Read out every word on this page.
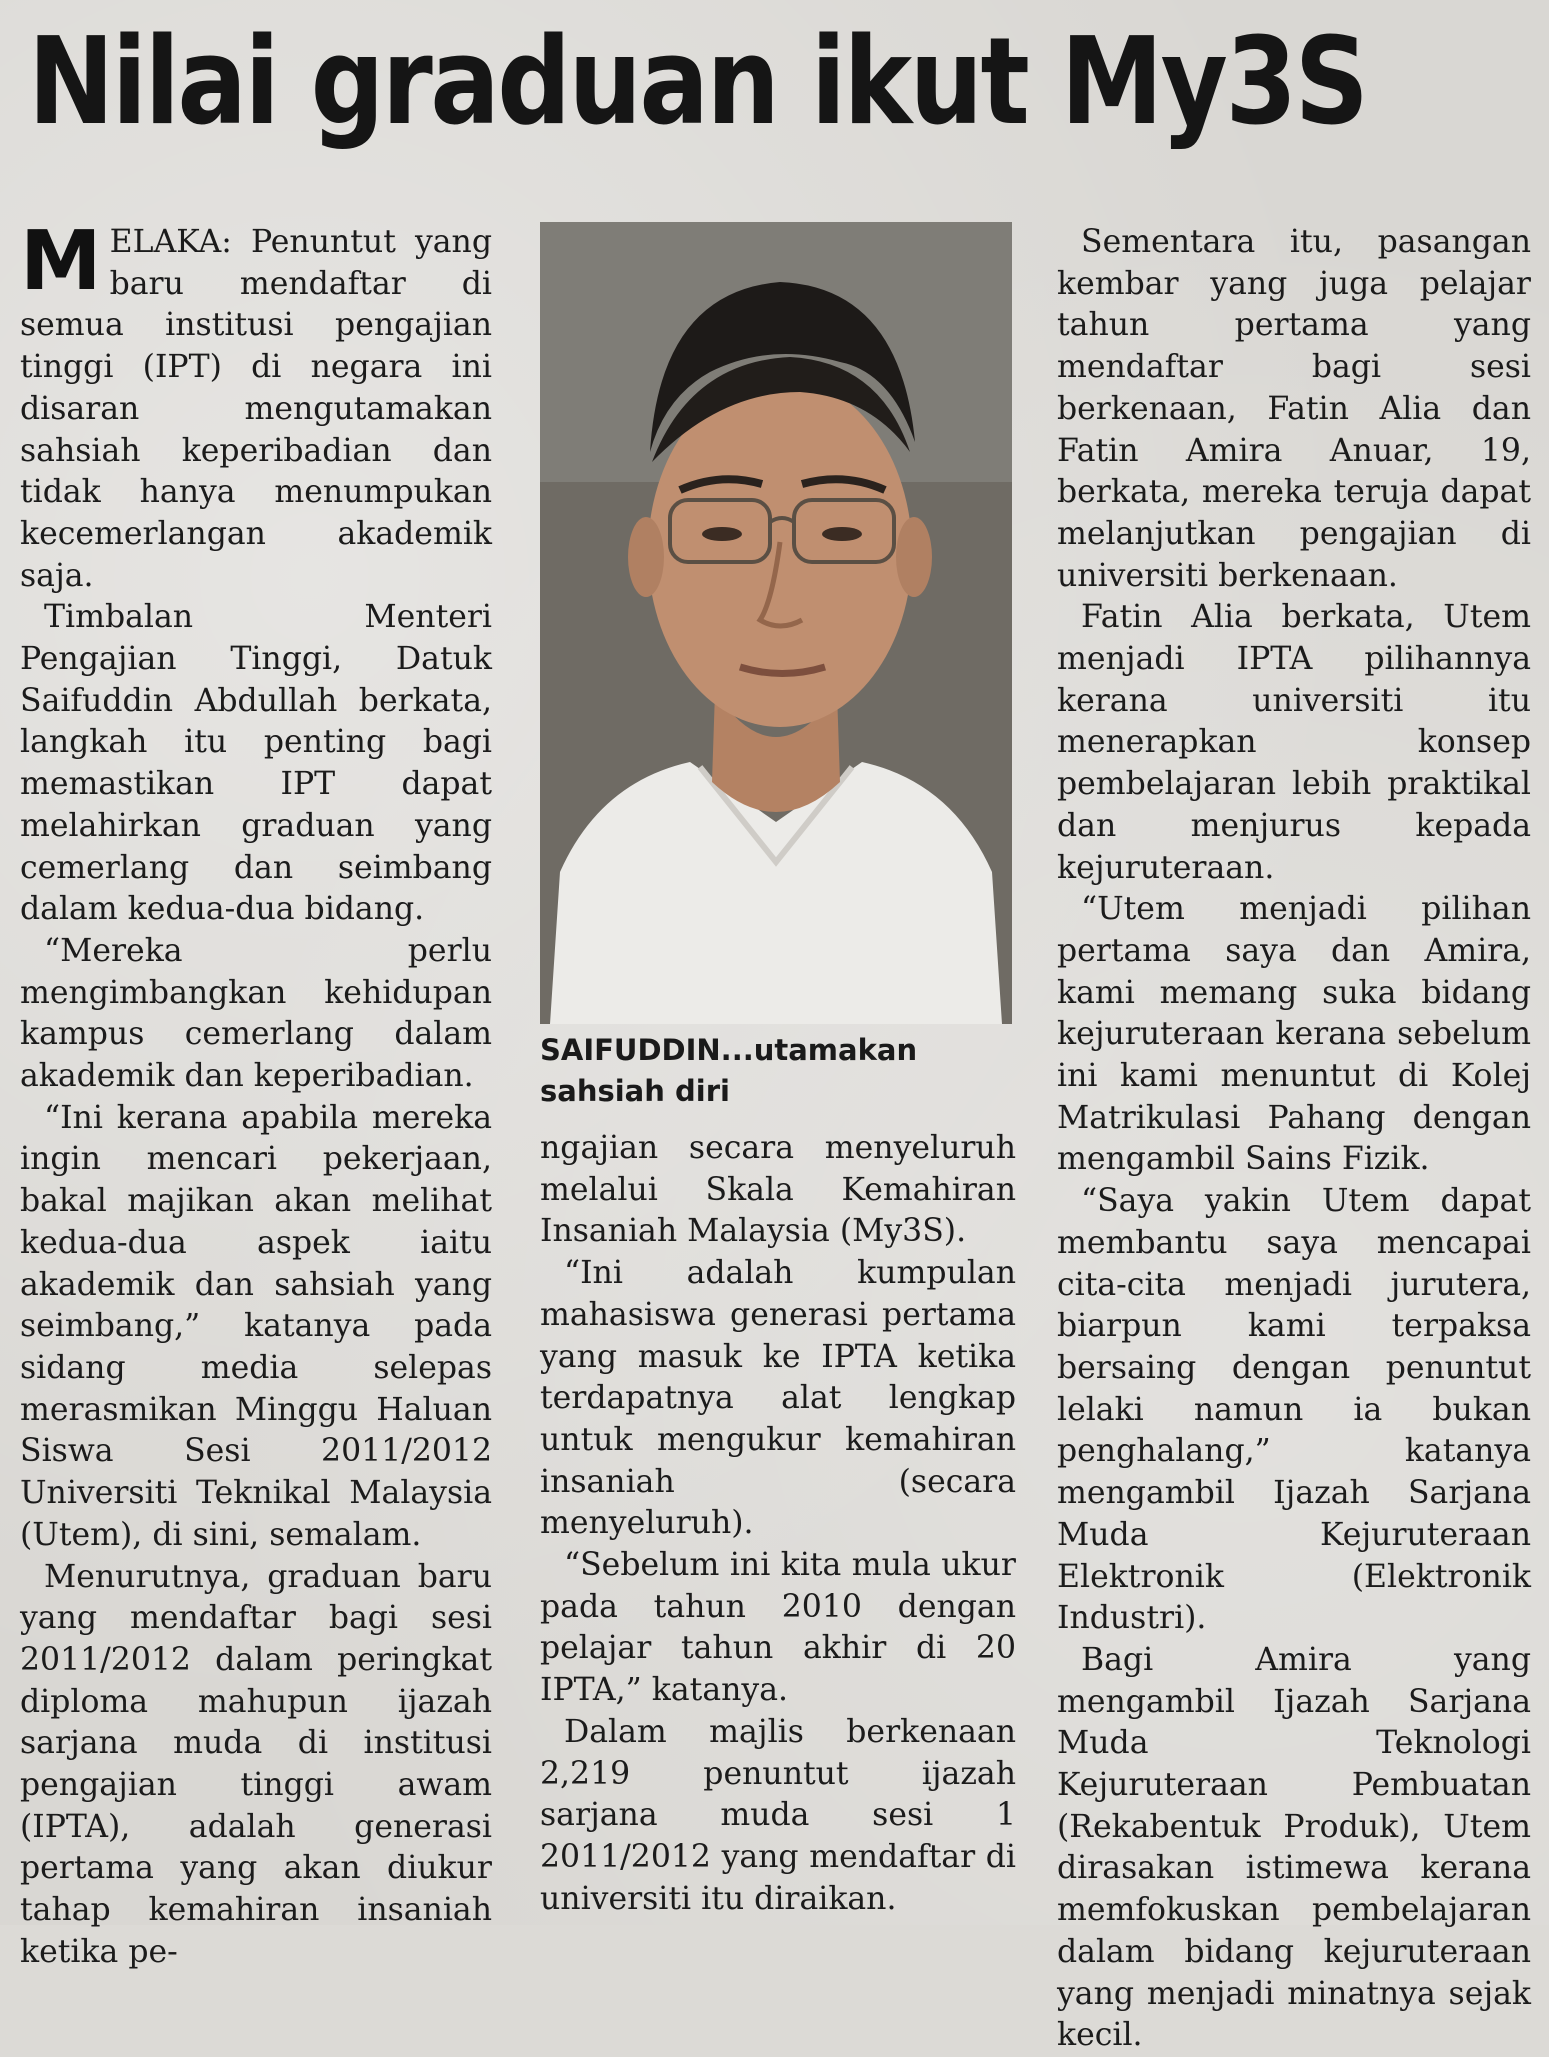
Nilai graduan ikut My3S

MELAKA: Penuntut yang baru mendaftar di semua institusi pengajian tinggi (IPT) di negara ini disaran mengutamakan sahsiah keperibadian dan tidak hanya menumpukan kecemerlangan akademik saja.

Timbalan Menteri Pengajian Tinggi, Datuk Saifuddin Abdullah berkata, langkah itu penting bagi memastikan IPT dapat melahirkan graduan yang cemerlang dan seimbang dalam kedua-dua bidang.

“Mereka perlu mengimbangkan kehidupan kampus cemerlang dalam akademik dan keperibadian.

“Ini kerana apabila mereka ingin mencari pekerjaan, bakal majikan akan melihat kedua-dua aspek iaitu akademik dan sahsiah yang seimbang,” katanya pada sidang media selepas merasmikan Minggu Haluan Siswa Sesi 2011/2012 Universiti Teknikal Malaysia (Utem), di sini, semalam.

Menurutnya, graduan baru yang mendaftar bagi sesi 2011/2012 dalam peringkat diploma mahupun ijazah sarjana muda di institusi pengajian tinggi awam (IPTA), adalah generasi pertama yang akan diukur tahap kemahiran insaniah ketika pe-

SAIFUDDIN...utamakan sahsiah diri

ngajian secara menyeluruh melalui Skala Kemahiran Insaniah Malaysia (My3S).

“Ini adalah kumpulan mahasiswa generasi pertama yang masuk ke IPTA ketika terdapatnya alat lengkap untuk mengukur kemahiran insaniah (secara menyeluruh).

“Sebelum ini kita mula ukur pada tahun 2010 dengan pelajar tahun akhir di 20 IPTA,” katanya.

Dalam majlis berkenaan 2,219 penuntut ijazah sarjana muda sesi 1 2011/2012 yang mendaftar di universiti itu diraikan.

Sementara itu, pasangan kembar yang juga pelajar tahun pertama yang mendaftar bagi sesi berkenaan, Fatin Alia dan Fatin Amira Anuar, 19, berkata, mereka teruja dapat melanjutkan pengajian di universiti berkenaan.

Fatin Alia berkata, Utem menjadi IPTA pilihannya kerana universiti itu menerapkan konsep pembelajaran lebih praktikal dan menjurus kepada kejuruteraan.

“Utem menjadi pilihan pertama saya dan Amira, kami memang suka bidang kejuruteraan kerana sebelum ini kami menuntut di Kolej Matrikulasi Pahang dengan mengambil Sains Fizik.

“Saya yakin Utem dapat membantu saya mencapai cita-cita menjadi jurutera, biarpun kami terpaksa bersaing dengan penuntut lelaki namun ia bukan penghalang,” katanya mengambil Ijazah Sarjana Muda Kejuruteraan Elektronik (Elektronik Industri).

Bagi Amira yang mengambil Ijazah Sarjana Muda Teknologi Kejuruteraan Pembuatan (Rekabentuk Produk), Utem dirasakan istimewa kerana memfokuskan pembelajaran dalam bidang kejuruteraan yang menjadi minatnya sejak kecil.
